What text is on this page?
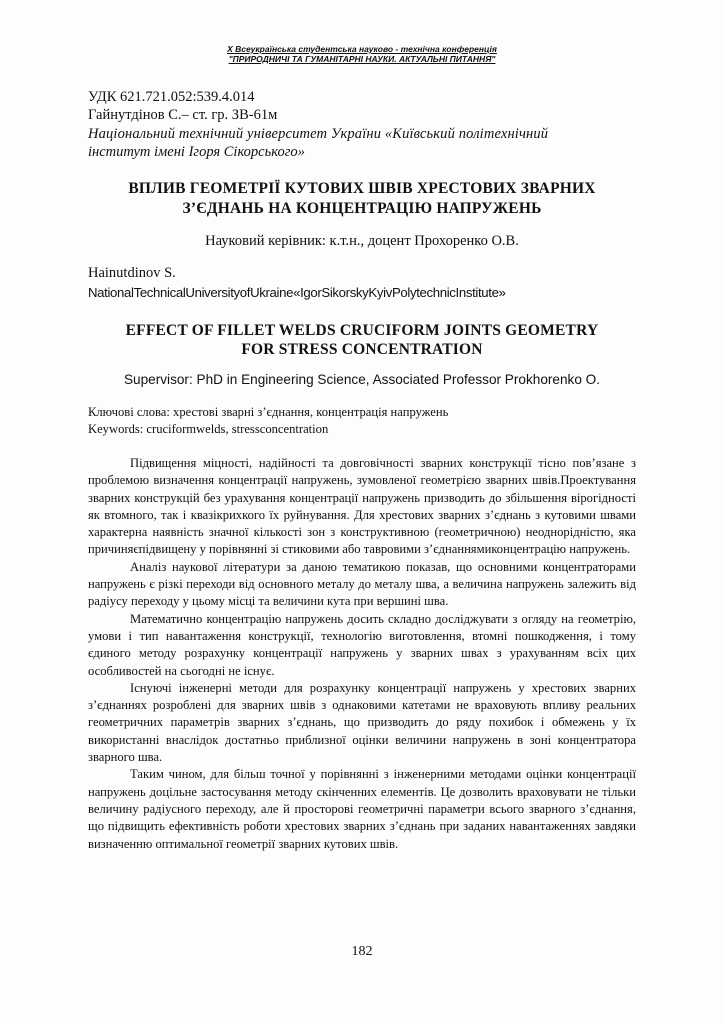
Х Всеукраїнська студентська науково - технічна конференція
"ПРИРОДНИЧІ ТА ГУМАНІТАРНІ НАУКИ. АКТУАЛЬНІ ПИТАННЯ"
УДК 621.721.052:539.4.014
Гайнутдінов С.– ст. гр. ЗВ-61м
Національний технічний університет України «Київський політехнічний
інститут імені Ігоря Сікорського»
ВПЛИВ ГЕОМЕТРІЇ КУТОВИХ ШВІВ ХРЕСТОВИХ ЗВАРНИХ
З’ЄДНАНЬ НА КОНЦЕНТРАЦІЮ НАПРУЖЕНЬ
Науковий керівник: к.т.н., доцент Прохоренко О.В.
Hainutdinov S.
NationalTechnicalUniversityofUkraine«IgorSikorskyKyivPolytechnicInstitute»
EFFECT OF FILLET WELDS CRUCIFORM JOINTS GEOMETRY
FOR STRESS CONCENTRATION
Supervisor: PhD in Engineering Science, Associated Professor Prokhorenko O.
Ключові слова: хрестові зварні з’єднання, концентрація напружень
Keywords: cruciformwelds, stressconcentration

Підвищення міцності, надійності та довговічності зварних конструкції тісно пов’язане з проблемою визначення концентрації напружень, зумовленої геометрією зварних швів.Проектування зварних конструкцій без урахування концентрації напружень призводить до збільшення вірогідності як втомного, так і квазікрихкого їх руйнування. Для хрестових зварних з’єднань з кутовими швами характерна наявність значної кількості зон з конструктивною (геометричною) неоднорідністю, яка причиняєпідвищену у порівнянні зі стиковими або тавровими з’єднаннямиконцентрацію напружень.

Аналіз наукової літератури за даною тематикою показав, що основними концентраторами напружень є різкі переходи від основного металу до металу шва, а величина напружень залежить від радіусу переходу у цьому місці та величини кута при вершині шва.

Математично концентрацію напружень досить складно досліджувати з огляду на геометрію, умови і тип навантаження конструкції, технологію виготовлення, втомні пошкодження, і тому єдиного методу розрахунку концентрації напружень у зварних швах з урахуванням всіх цих особливостей на сьогодні не існує.

Існуючі інженерні методи для розрахунку концентрації напружень у хрестових зварних з’єднаннях розроблені для зварних швів з однаковими катетами не враховують впливу реальних геометричних параметрів зварних з’єднань, що призводить до ряду похибок і обмежень у їх використанні внаслідок достатньо приблизної оцінки величини напружень в зоні концентратора зварного шва.

Таким чином, для більш точної у порівнянні з інженерними методами оцінки концентрації напружень доцільне застосування методу скінченних елементів. Це дозволить враховувати не тільки величину радіусного переходу, але й просторові геометричні параметри всього зварного з’єднання, що підвищить ефективність роботи хрестових зварних з’єднань при заданих навантаженнях завдяки визначенню оптимальної геометрії зварних кутових швів.

182
